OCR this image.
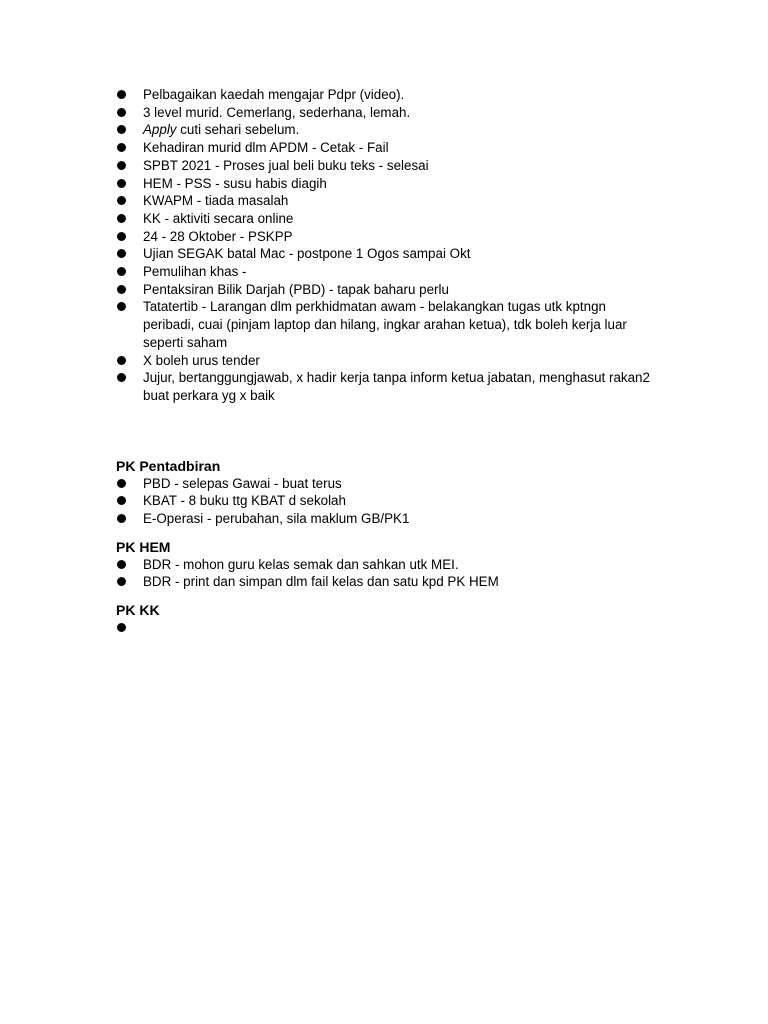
Pelbagaikan kaedah mengajar Pdpr (video).
3 level murid. Cemerlang, sederhana, lemah.
Apply cuti sehari sebelum.
Kehadiran murid dlm APDM - Cetak - Fail
SPBT 2021 - Proses jual beli buku teks - selesai
HEM - PSS - susu habis diagih
KWAPM - tiada masalah
KK - aktiviti secara online
24 - 28 Oktober - PSKPP
Ujian SEGAK batal Mac - postpone 1 Ogos sampai Okt
Pemulihan khas -
Pentaksiran Bilik Darjah (PBD) - tapak baharu perlu
Tatatertib - Larangan dlm perkhidmatan awam - belakangkan tugas utk kptngn peribadi, cuai (pinjam laptop dan hilang, ingkar arahan ketua), tdk boleh kerja luar seperti saham
X boleh urus tender
Jujur, bertanggungjawab, x hadir kerja tanpa inform ketua jabatan, menghasut rakan2 buat perkara yg x baik
PK Pentadbiran
PBD - selepas Gawai - buat terus
KBAT - 8 buku ttg KBAT d sekolah
E-Operasi - perubahan, sila maklum GB/PK1
PK HEM
BDR - mohon guru kelas semak dan sahkan utk MEI.
BDR - print dan simpan dlm fail kelas dan satu kpd PK HEM
PK KK
